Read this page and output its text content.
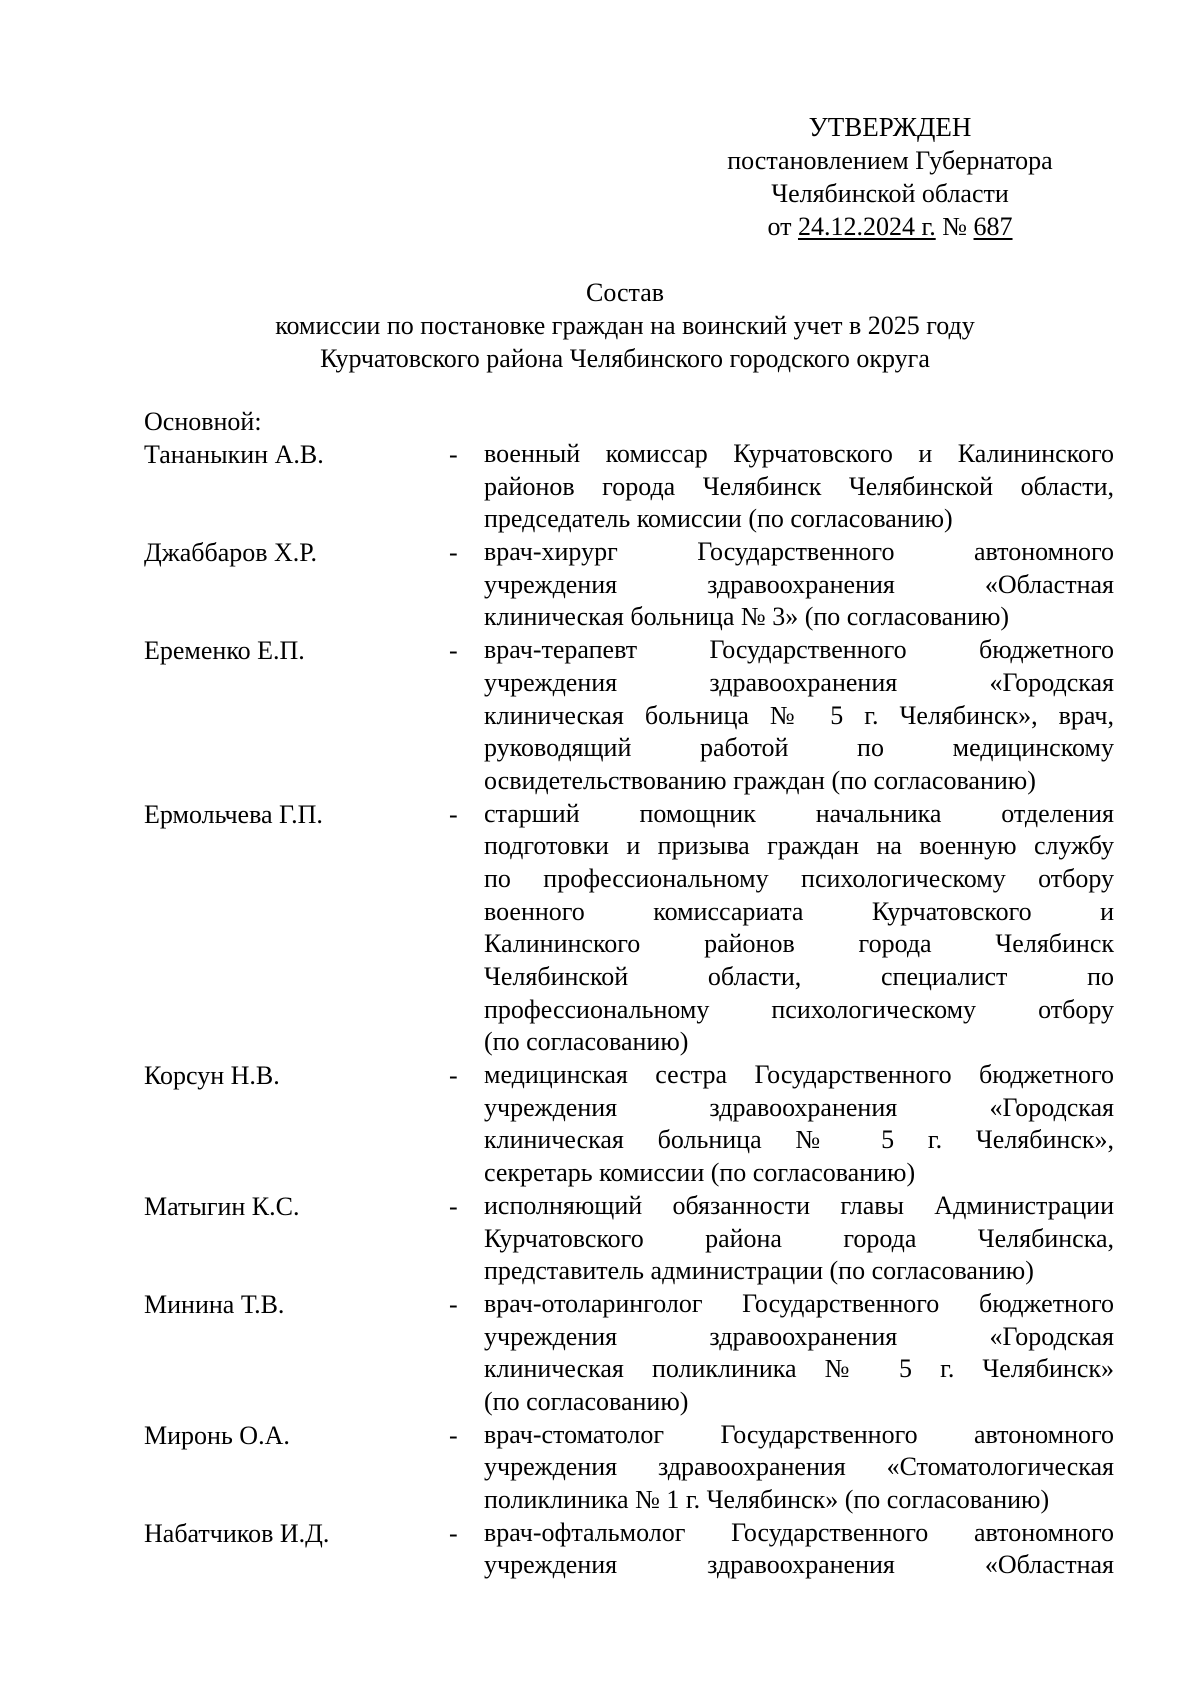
УТВЕРЖДЕН
постановлением Губернатора
Челябинской области
от 24.12.2024 г. № 687
Состав
комиссии по постановке граждан на воинский учет в 2025 году
Курчатовского района Челябинского городского округа
Основной:
Тананыкин А.В.	-	военный комиссар Курчатовского и Калининского
районов города Челябинск Челябинской области,
председатель комиссии (по согласованию)
Джаббаров Х.Р.	-	врач-хирург Государственного автономного
учреждения здравоохранения «Областная
клиническая больница № 3» (по согласованию)
Еременко Е.П.	-	врач-терапевт Государственного бюджетного
учреждения здравоохранения «Городская
клиническая больница № 5 г. Челябинск», врач,
руководящий работой по медицинскому
освидетельствованию граждан (по согласованию)
Ермольчева Г.П.	-	старший помощник начальника отделения
подготовки и призыва граждан на военную службу
по профессиональному психологическому отбору
военного комиссариата Курчатовского и
Калининского районов города Челябинск
Челябинской области, специалист по
профессиональному психологическому отбору
(по согласованию)
Корсун Н.В.	-	медицинская сестра Государственного бюджетного
учреждения здравоохранения «Городская
клиническая больница № 5 г. Челябинск»,
секретарь комиссии (по согласованию)
Матыгин К.С.	-	исполняющий обязанности главы Администрации
Курчатовского района города Челябинска,
представитель администрации (по согласованию)
Минина Т.В.	-	врач-отоларинголог Государственного бюджетного
учреждения здравоохранения «Городская
клиническая поликлиника № 5 г. Челябинск»
(по согласованию)
Миронь О.А.	-	врач-стоматолог Государственного автономного
учреждения здравоохранения «Стоматологическая
поликлиника № 1 г. Челябинск» (по согласованию)
Набатчиков И.Д.	-	врач-офтальмолог Государственного автономного
учреждения здравоохранения «Областная
